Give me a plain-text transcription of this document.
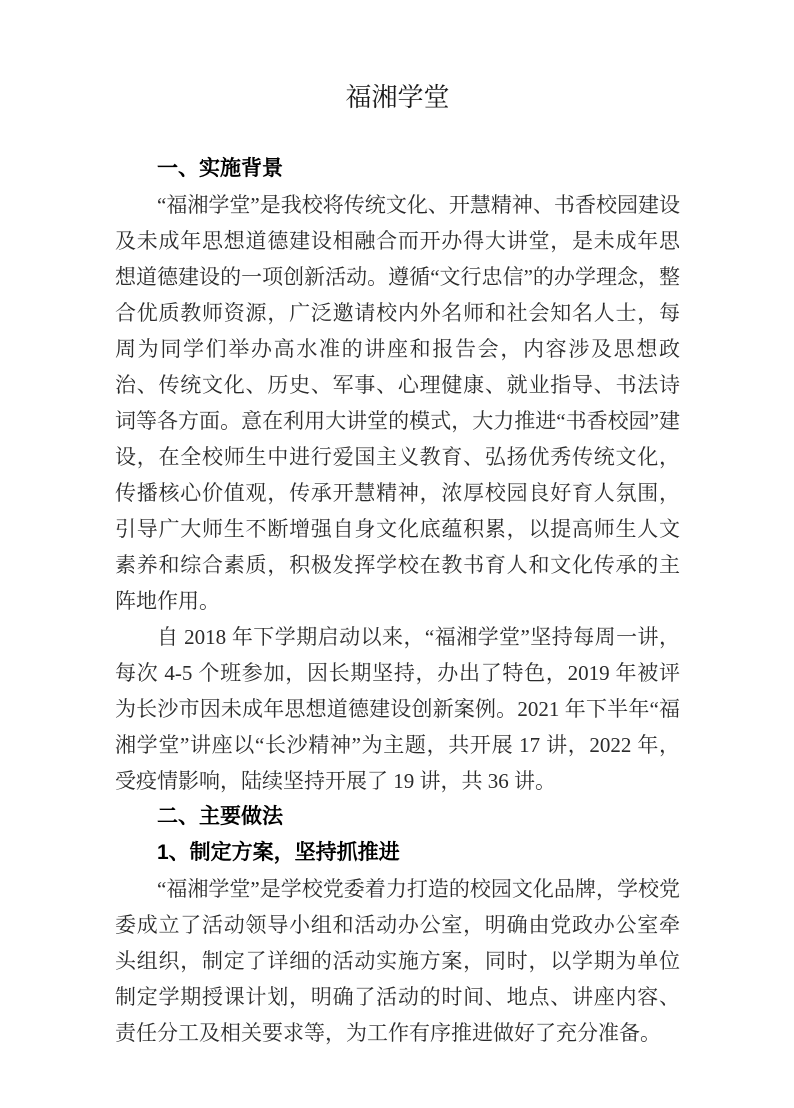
福湘学堂

一、实施背景

“福湘学堂”是我校将传统文化、开慧精神、书香校园建设及未成年思想道德建设相融合而开办得大讲堂，是未成年思想道德建设的一项创新活动。遵循“文行忠信”的办学理念，整合优质教师资源，广泛邀请校内外名师和社会知名人士，每周为同学们举办高水准的讲座和报告会，内容涉及思想政治、传统文化、历史、军事、心理健康、就业指导、书法诗词等各方面。意在利用大讲堂的模式，大力推进“书香校园”建设，在全校师生中进行爱国主义教育、弘扬优秀传统文化，传播核心价值观，传承开慧精神，浓厚校园良好育人氛围，引导广大师生不断增强自身文化底蕴积累，以提高师生人文素养和综合素质，积极发挥学校在教书育人和文化传承的主阵地作用。

自 2018 年下学期启动以来，“福湘学堂”坚持每周一讲，每次 4-5 个班参加，因长期坚持，办出了特色，2019 年被评为长沙市因未成年思想道德建设创新案例。2021 年下半年“福湘学堂”讲座以“长沙精神”为主题，共开展 17 讲，2022 年，受疫情影响，陆续坚持开展了 19 讲，共 36 讲。

二、主要做法

1、制定方案，坚持抓推进

“福湘学堂”是学校党委着力打造的校园文化品牌，学校党委成立了活动领导小组和活动办公室，明确由党政办公室牵头组织，制定了详细的活动实施方案，同时，以学期为单位制定学期授课计划，明确了活动的时间、地点、讲座内容、责任分工及相关要求等，为工作有序推进做好了充分准备。
